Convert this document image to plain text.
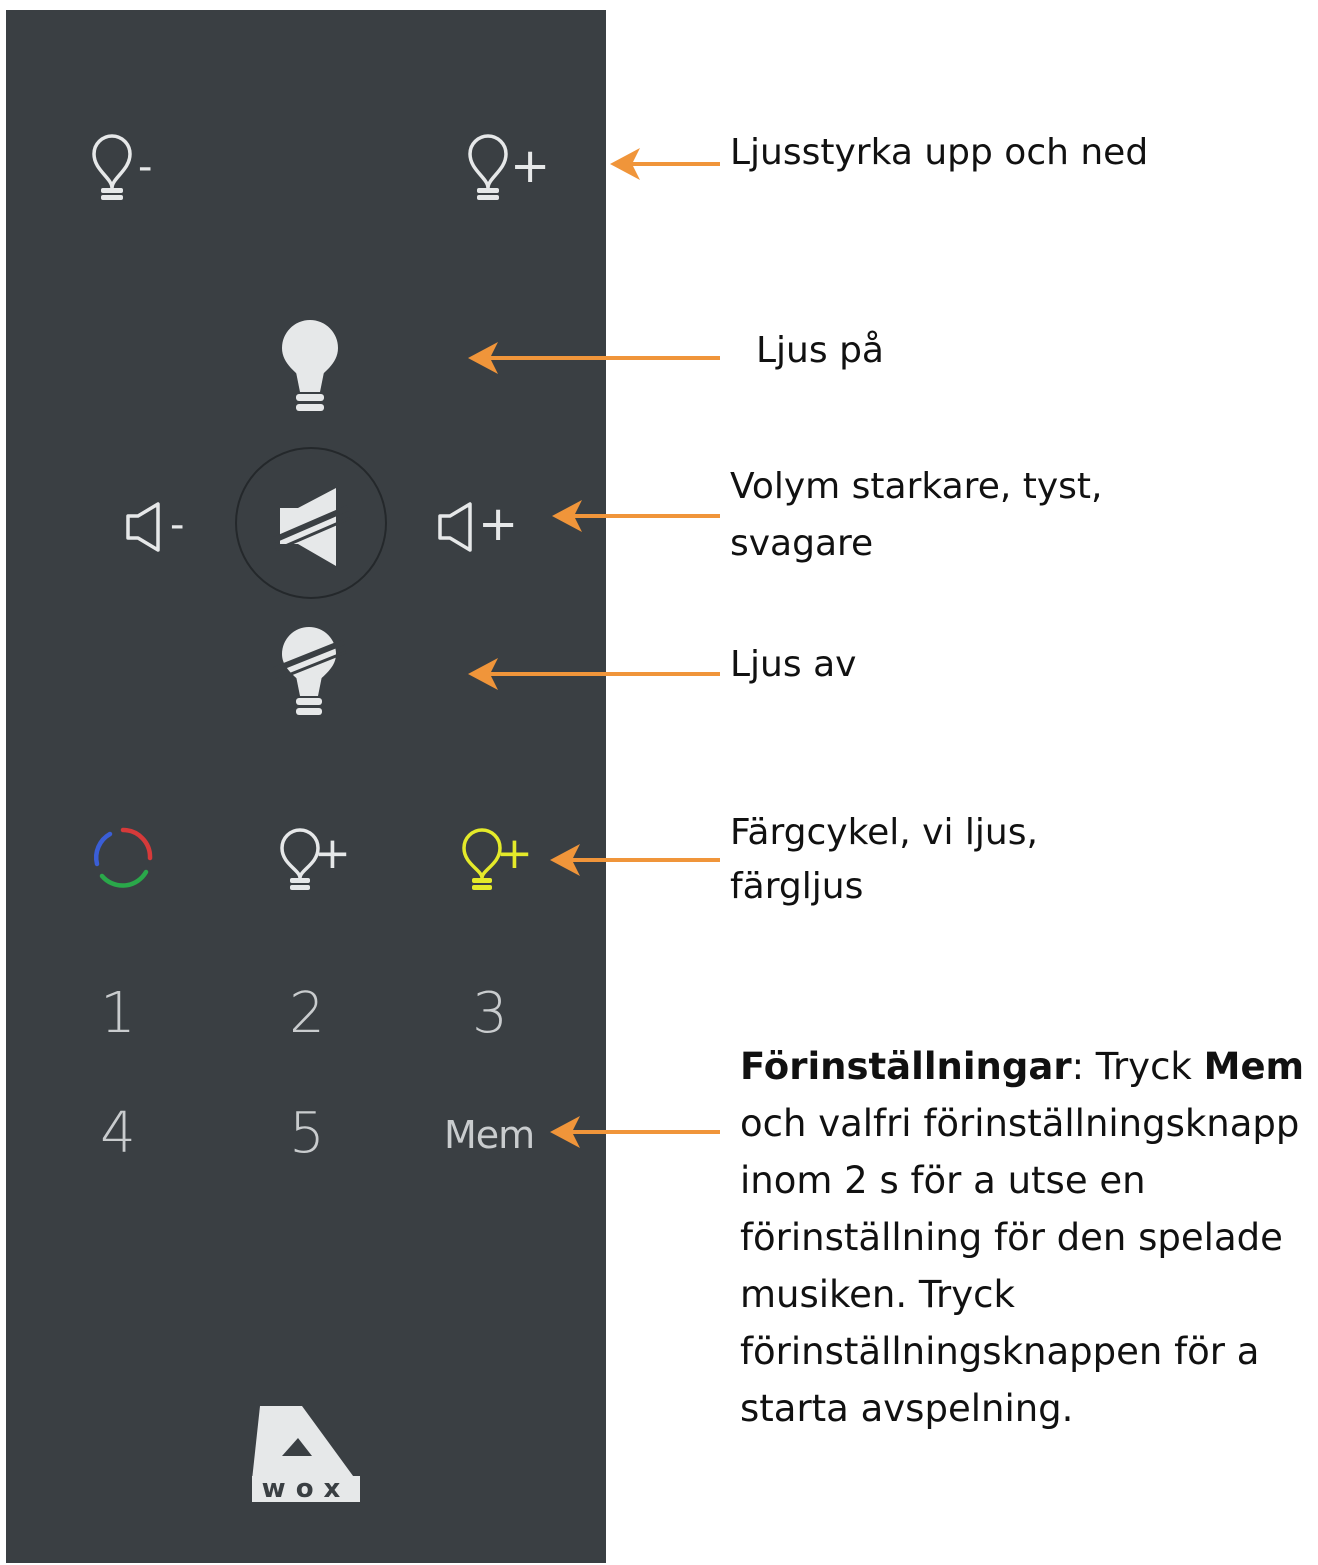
-	+
-	+
+	+
1	2	3
4	5	Mem
wox
Ljusstyrka upp och ned
Ljus på
Volym starkare, tyst,
svagare
Ljus av
Färgcykel, vi ljus,
färgljus
Förinställningar: Tryck Mem och valfri förinställningsknapp inom 2 s för a utse en förinställning för den spelade musiken. Tryck förinställningsknappen för a starta avspelning.
